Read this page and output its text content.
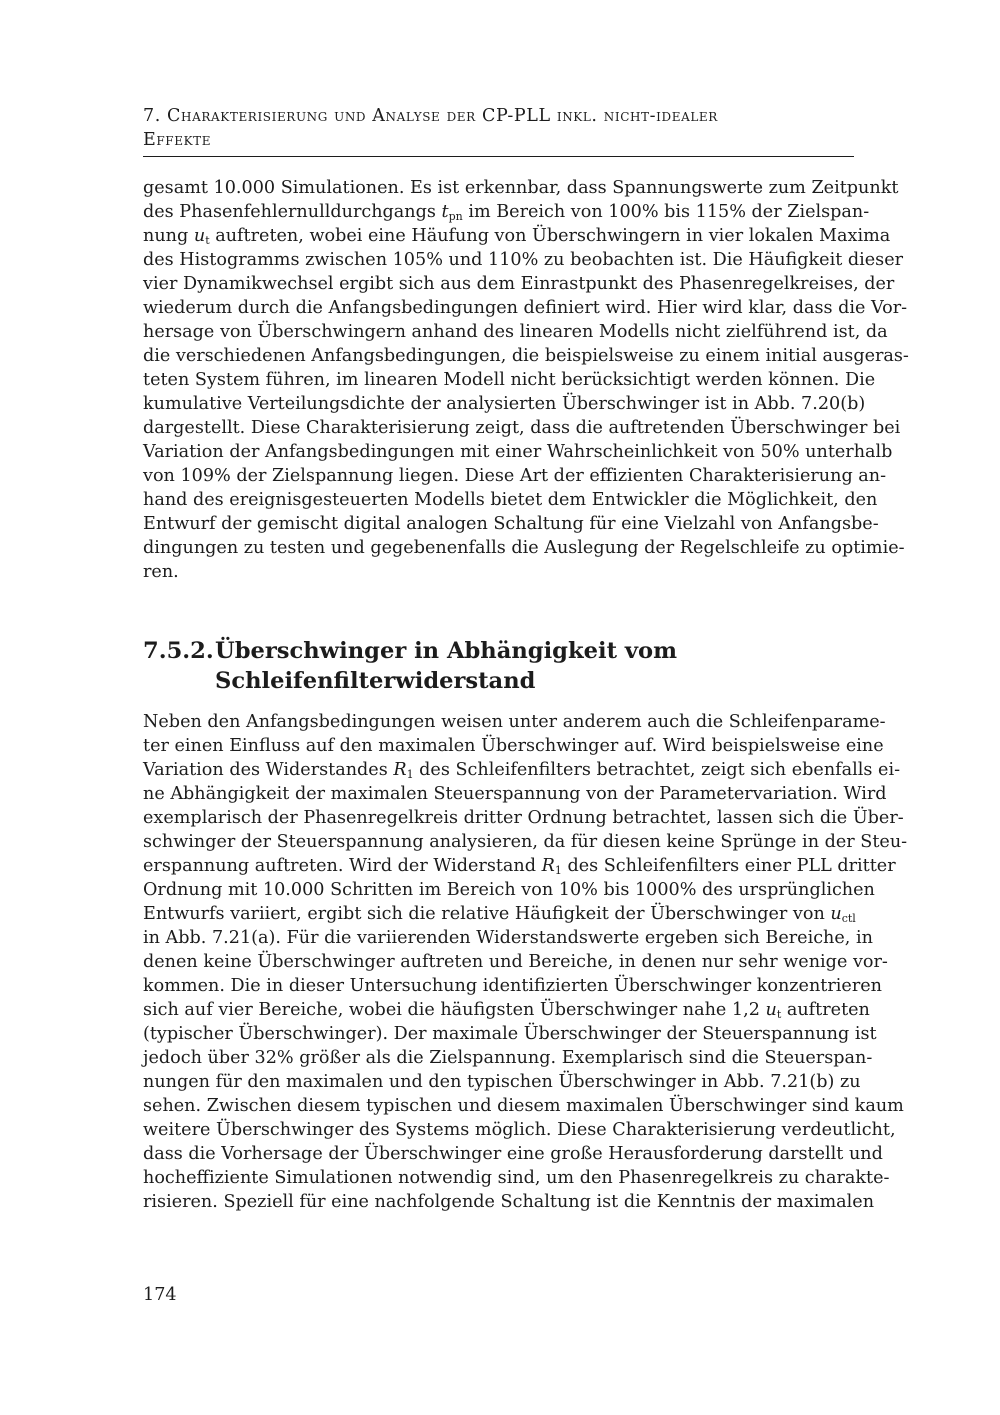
7. Charakterisierung und Analyse der CP-PLL inkl. nicht-idealer
Effekte
gesamt 10.000 Simulationen. Es ist erkennbar, dass Spannungswerte zum Zeitpunkt
des Phasenfehlernulldurchgangs $t_{pn}$ im Bereich von 100% bis 115% der Zielspan-
nung $u_t$ auftreten, wobei eine Häufung von Überschwingern in vier lokalen Maxima
des Histogramms zwischen 105% und 110% zu beobachten ist. Die Häufigkeit dieser
vier Dynamikwechsel ergibt sich aus dem Einrastpunkt des Phasenregelkreises, der
wiederum durch die Anfangsbedingungen definiert wird. Hier wird klar, dass die Vor-
hersage von Überschwingern anhand des linearen Modells nicht zielführend ist, da
die verschiedenen Anfangsbedingungen, die beispielsweise zu einem initial ausgeras-
teten System führen, im linearen Modell nicht berücksichtigt werden können. Die
kumulative Verteilungsdichte der analysierten Überschwinger ist in Abb. 7.20(b)
dargestellt. Diese Charakterisierung zeigt, dass die auftretenden Überschwinger bei
Variation der Anfangsbedingungen mit einer Wahrscheinlichkeit von 50% unterhalb
von 109% der Zielspannung liegen. Diese Art der effizienten Charakterisierung an-
hand des ereignisgesteuerten Modells bietet dem Entwickler die Möglichkeit, den
Entwurf der gemischt digital analogen Schaltung für eine Vielzahl von Anfangsbe-
dingungen zu testen und gegebenenfalls die Auslegung der Regelschleife zu optimie-
ren.
7.5.2.Überschwinger in Abhängigkeit vom
Schleifenfilterwiderstand
Neben den Anfangsbedingungen weisen unter anderem auch die Schleifenparame-
ter einen Einfluss auf den maximalen Überschwinger auf. Wird beispielsweise eine
Variation des Widerstandes $R_1$ des Schleifenfilters betrachtet, zeigt sich ebenfalls ei-
ne Abhängigkeit der maximalen Steuerspannung von der Parametervariation. Wird
exemplarisch der Phasenregelkreis dritter Ordnung betrachtet, lassen sich die Über-
schwinger der Steuerspannung analysieren, da für diesen keine Sprünge in der Steu-
erspannung auftreten. Wird der Widerstand $R_1$ des Schleifenfilters einer PLL dritter
Ordnung mit 10.000 Schritten im Bereich von 10% bis 1000% des ursprünglichen
Entwurfs variiert, ergibt sich die relative Häufigkeit der Überschwinger von $u_{ctl}$
in Abb. 7.21(a). Für die variierenden Widerstandswerte ergeben sich Bereiche, in
denen keine Überschwinger auftreten und Bereiche, in denen nur sehr wenige vor-
kommen. Die in dieser Untersuchung identifizierten Überschwinger konzentrieren
sich auf vier Bereiche, wobei die häufigsten Überschwinger nahe 1,2 $u_t$ auftreten
(typischer Überschwinger). Der maximale Überschwinger der Steuerspannung ist
jedoch über 32% größer als die Zielspannung. Exemplarisch sind die Steuerspan-
nungen für den maximalen und den typischen Überschwinger in Abb. 7.21(b) zu
sehen. Zwischen diesem typischen und diesem maximalen Überschwinger sind kaum
weitere Überschwinger des Systems möglich. Diese Charakterisierung verdeutlicht,
dass die Vorhersage der Überschwinger eine große Herausforderung darstellt und
hocheffiziente Simulationen notwendig sind, um den Phasenregelkreis zu charakte-
risieren. Speziell für eine nachfolgende Schaltung ist die Kenntnis der maximalen
174
